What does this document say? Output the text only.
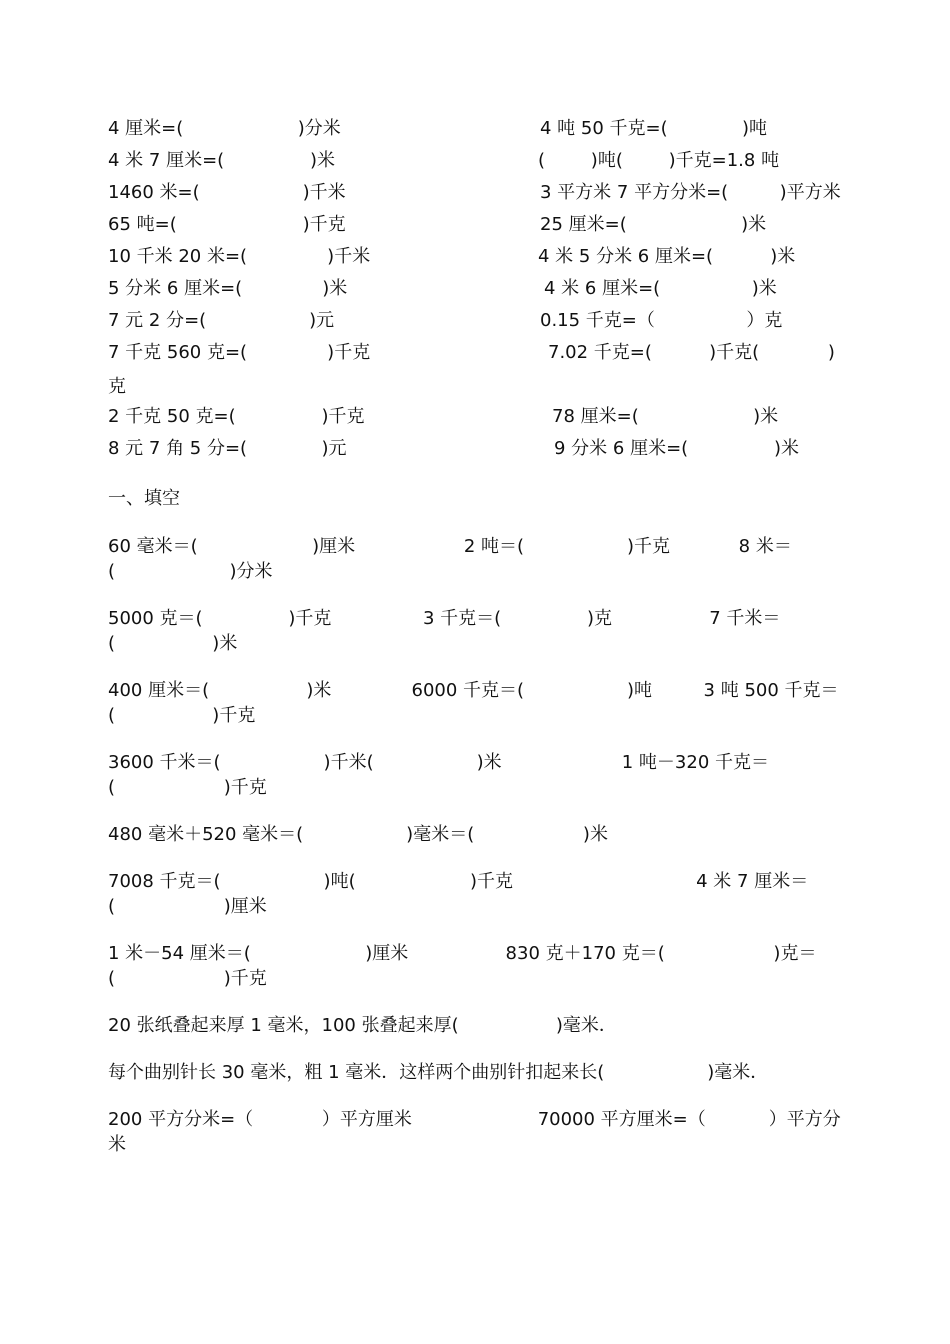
4 厘米=(                    )分米
4 米 7 厘米=(               )米
1460 米=(                  )千米
65 吨=(                      )千克
10 千米 20 米=(              )千米
5 分米 6 厘米=(              )米
7 元 2 分=(                  )元
7 千克 560 克=(              )千克
克
2 千克 50 克=(               )千克
8 元 7 角 5 分=(             )元
4 吨 50 千克=(             )吨
(        )吨(        )千克=1.8 吨
3 平方米 7 平方分米=(         )平方米
25 厘米=(                    )米
4 米 5 分米 6 厘米=(          )米
4 米 6 厘米=(                )米
0.15 千克=（                ）克
7.02 千克=(          )千克(            )
78 厘米=(                    )米
9 分米 6 厘米=(               )米
一、填空
60 毫米＝(                    )厘米                   2 吨＝(                  )千克            8 米＝
(                    )分米
5000 克＝(               )千克                3 千克＝(               )克                 7 千米＝
(                 )米
400 厘米＝(                 )米              6000 千克＝(                  )吨         3 吨 500 千克＝
(                 )千克
3600 千米＝(                  )千米(                  )米                     1 吨－320 千克＝
(                   )千克
480 毫米＋520 毫米＝(                  )毫米＝(                   )米
7008 千克＝(                  )吨(                    )千克                                4 米 7 厘米＝
(                   )厘米
1 米－54 厘米＝(                    )厘米                 830 克＋170 克＝(                   )克＝
(                   )千克
20 张纸叠起来厚 1 毫米，100 张叠起来厚(                 )毫米．
每个曲别针长 30 毫米，粗 1 毫米．这样两个曲别针扣起来长(                  )毫米．
200 平方分米=（            ）平方厘米                      70000 平方厘米=（           ）平方分
米
